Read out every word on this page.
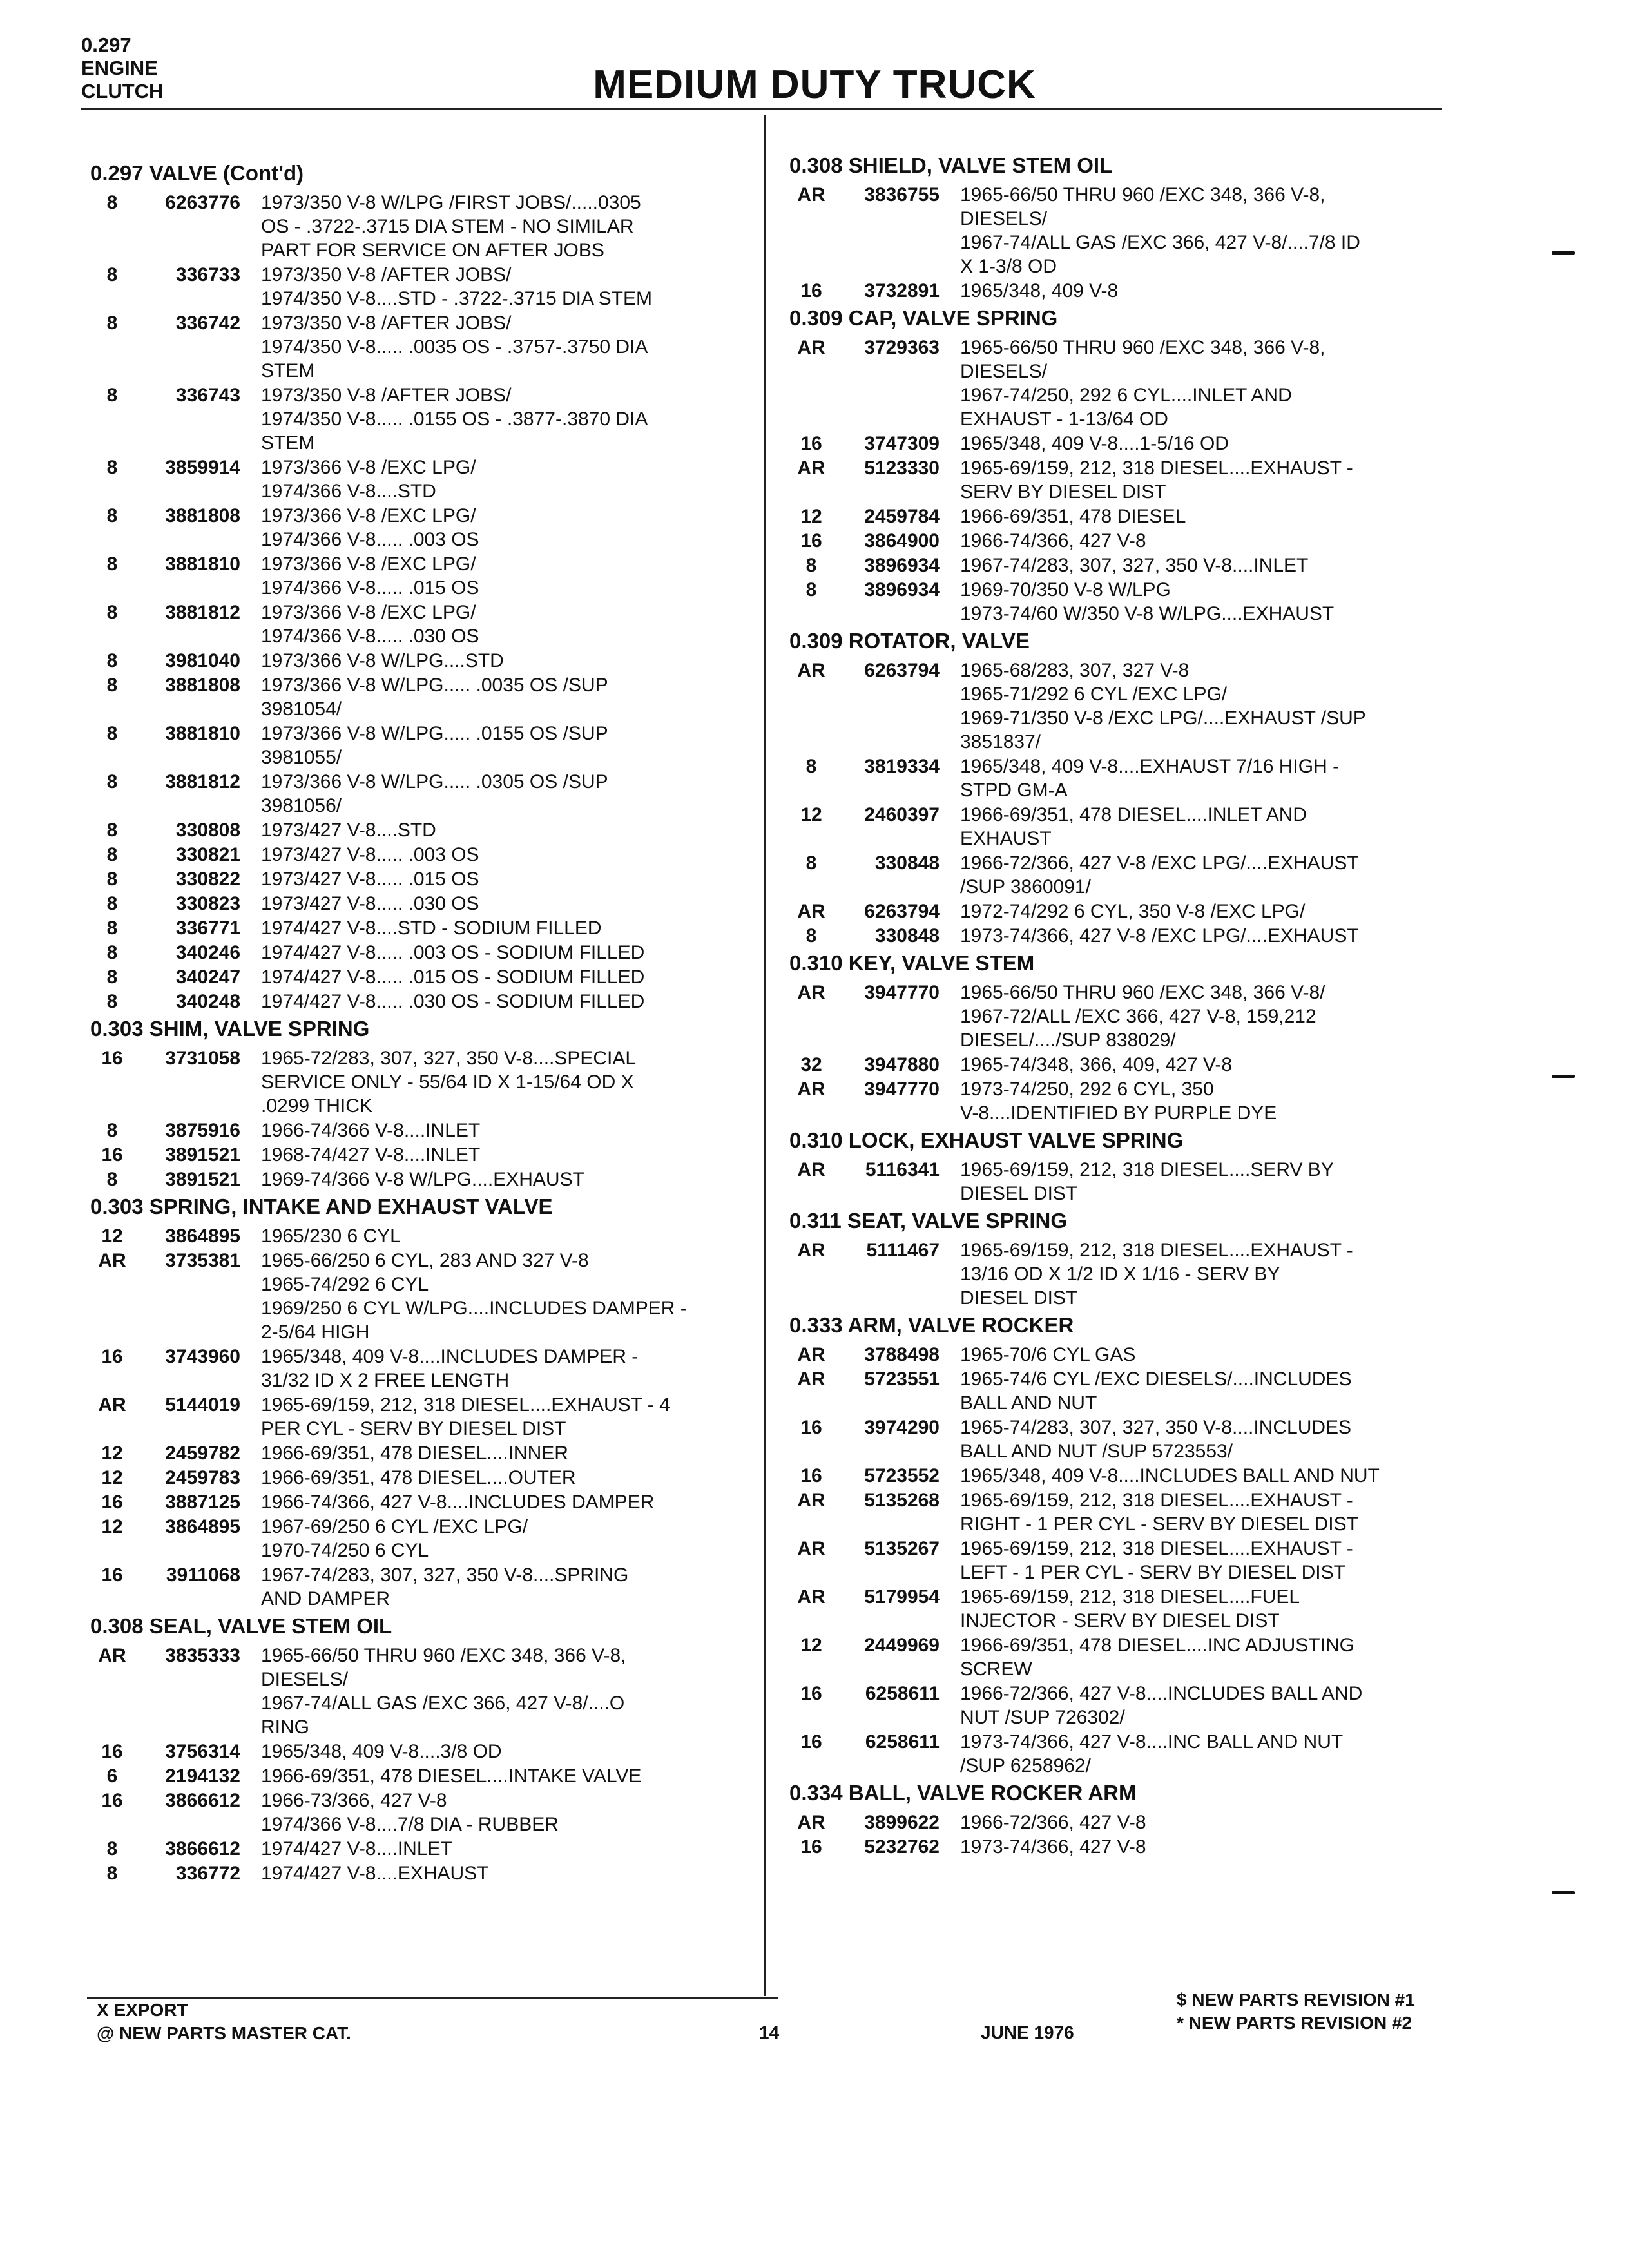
0.297
ENGINE
CLUTCH	MEDIUM DUTY TRUCK
0.297 VALVE (Cont'd)
8	6263776	1973/350 V-8 W/LPG /FIRST JOBS/.....0305
OS - .3722-.3715 DIA STEM - NO SIMILAR
PART FOR SERVICE ON AFTER JOBS
8	336733	1973/350 V-8 /AFTER JOBS/
1974/350 V-8....STD - .3722-.3715 DIA STEM
8	336742	1973/350 V-8 /AFTER JOBS/
1974/350 V-8..... .0035 OS - .3757-.3750 DIA
STEM
8	336743	1973/350 V-8 /AFTER JOBS/
1974/350 V-8..... .0155 OS - .3877-.3870 DIA
STEM
8	3859914	1973/366 V-8 /EXC LPG/
1974/366 V-8....STD
8	3881808	1973/366 V-8 /EXC LPG/
1974/366 V-8..... .003 OS
8	3881810	1973/366 V-8 /EXC LPG/
1974/366 V-8..... .015 OS
8	3881812	1973/366 V-8 /EXC LPG/
1974/366 V-8..... .030 OS
8	3981040	1973/366 V-8 W/LPG....STD
8	3881808	1973/366 V-8 W/LPG..... .0035 OS /SUP
3981054/
8	3881810	1973/366 V-8 W/LPG..... .0155 OS /SUP
3981055/
8	3881812	1973/366 V-8 W/LPG..... .0305 OS /SUP
3981056/
8	330808	1973/427 V-8....STD
8	330821	1973/427 V-8..... .003 OS
8	330822	1973/427 V-8..... .015 OS
8	330823	1973/427 V-8..... .030 OS
8	336771	1974/427 V-8....STD - SODIUM FILLED
8	340246	1974/427 V-8..... .003 OS - SODIUM FILLED
8	340247	1974/427 V-8..... .015 OS - SODIUM FILLED
8	340248	1974/427 V-8..... .030 OS - SODIUM FILLED
0.303 SHIM, VALVE SPRING
16	3731058	1965-72/283, 307, 327, 350 V-8....SPECIAL
SERVICE ONLY - 55/64 ID X 1-15/64 OD X
.0299 THICK
8	3875916	1966-74/366 V-8....INLET
16	3891521	1968-74/427 V-8....INLET
8	3891521	1969-74/366 V-8 W/LPG....EXHAUST
0.303 SPRING, INTAKE AND EXHAUST VALVE
12	3864895	1965/230 6 CYL
AR	3735381	1965-66/250 6 CYL, 283 AND 327 V-8
1965-74/292 6 CYL
1969/250 6 CYL W/LPG....INCLUDES DAMPER -
2-5/64 HIGH
16	3743960	1965/348, 409 V-8....INCLUDES DAMPER -
31/32 ID X 2 FREE LENGTH
AR	5144019	1965-69/159, 212, 318 DIESEL....EXHAUST - 4
PER CYL - SERV BY DIESEL DIST
12	2459782	1966-69/351, 478 DIESEL....INNER
12	2459783	1966-69/351, 478 DIESEL....OUTER
16	3887125	1966-74/366, 427 V-8....INCLUDES DAMPER
12	3864895	1967-69/250 6 CYL /EXC LPG/
1970-74/250 6 CYL
16	3911068	1967-74/283, 307, 327, 350 V-8....SPRING
AND DAMPER
0.308 SEAL, VALVE STEM OIL
AR	3835333	1965-66/50 THRU 960 /EXC 348, 366 V-8,
DIESELS/
1967-74/ALL GAS /EXC 366, 427 V-8/....O
RING
16	3756314	1965/348, 409 V-8....3/8 OD
6	2194132	1966-69/351, 478 DIESEL....INTAKE VALVE
16	3866612	1966-73/366, 427 V-8
1974/366 V-8....7/8 DIA - RUBBER
8	3866612	1974/427 V-8....INLET
8	336772	1974/427 V-8....EXHAUST
0.308 SHIELD, VALVE STEM OIL
AR	3836755	1965-66/50 THRU 960 /EXC 348, 366 V-8,
DIESELS/
1967-74/ALL GAS /EXC 366, 427 V-8/....7/8 ID
X 1-3/8 OD
16	3732891	1965/348, 409 V-8
0.309 CAP, VALVE SPRING
AR	3729363	1965-66/50 THRU 960 /EXC 348, 366 V-8,
DIESELS/
1967-74/250, 292 6 CYL....INLET AND
EXHAUST - 1-13/64 OD
16	3747309	1965/348, 409 V-8....1-5/16 OD
AR	5123330	1965-69/159, 212, 318 DIESEL....EXHAUST -
SERV BY DIESEL DIST
12	2459784	1966-69/351, 478 DIESEL
16	3864900	1966-74/366, 427 V-8
8	3896934	1967-74/283, 307, 327, 350 V-8....INLET
8	3896934	1969-70/350 V-8 W/LPG
1973-74/60 W/350 V-8 W/LPG....EXHAUST
0.309 ROTATOR, VALVE
AR	6263794	1965-68/283, 307, 327 V-8
1965-71/292 6 CYL /EXC LPG/
1969-71/350 V-8 /EXC LPG/....EXHAUST /SUP
3851837/
8	3819334	1965/348, 409 V-8....EXHAUST 7/16 HIGH -
STPD GM-A
12	2460397	1966-69/351, 478 DIESEL....INLET AND
EXHAUST
8	330848	1966-72/366, 427 V-8 /EXC LPG/....EXHAUST
/SUP 3860091/
AR	6263794	1972-74/292 6 CYL, 350 V-8 /EXC LPG/
8	330848	1973-74/366, 427 V-8 /EXC LPG/....EXHAUST
0.310 KEY, VALVE STEM
AR	3947770	1965-66/50 THRU 960 /EXC 348, 366 V-8/
1967-72/ALL /EXC 366, 427 V-8, 159,212
DIESEL/..../SUP 838029/
32	3947880	1965-74/348, 366, 409, 427 V-8
AR	3947770	1973-74/250, 292 6 CYL, 350
V-8....IDENTIFIED BY PURPLE DYE
0.310 LOCK, EXHAUST VALVE SPRING
AR	5116341	1965-69/159, 212, 318 DIESEL....SERV BY
DIESEL DIST
0.311 SEAT, VALVE SPRING
AR	5111467	1965-69/159, 212, 318 DIESEL....EXHAUST -
13/16 OD X 1/2 ID X 1/16 - SERV BY
DIESEL DIST
0.333 ARM, VALVE ROCKER
AR	3788498	1965-70/6 CYL GAS
AR	5723551	1965-74/6 CYL /EXC DIESELS/....INCLUDES
BALL AND NUT
16	3974290	1965-74/283, 307, 327, 350 V-8....INCLUDES
BALL AND NUT /SUP 5723553/
16	5723552	1965/348, 409 V-8....INCLUDES BALL AND NUT
AR	5135268	1965-69/159, 212, 318 DIESEL....EXHAUST -
RIGHT - 1 PER CYL - SERV BY DIESEL DIST
AR	5135267	1965-69/159, 212, 318 DIESEL....EXHAUST -
LEFT - 1 PER CYL - SERV BY DIESEL DIST
AR	5179954	1965-69/159, 212, 318 DIESEL....FUEL
INJECTOR - SERV BY DIESEL DIST
12	2449969	1966-69/351, 478 DIESEL....INC ADJUSTING
SCREW
16	6258611	1966-72/366, 427 V-8....INCLUDES BALL AND
NUT /SUP 726302/
16	6258611	1973-74/366, 427 V-8....INC BALL AND NUT
/SUP 6258962/
0.334 BALL, VALVE ROCKER ARM
AR	3899622	1966-72/366, 427 V-8
16	5232762	1973-74/366, 427 V-8
X EXPORT
@ NEW PARTS MASTER CAT.	14	JUNE 1976
$ NEW PARTS REVISION #1
* NEW PARTS REVISION #2
